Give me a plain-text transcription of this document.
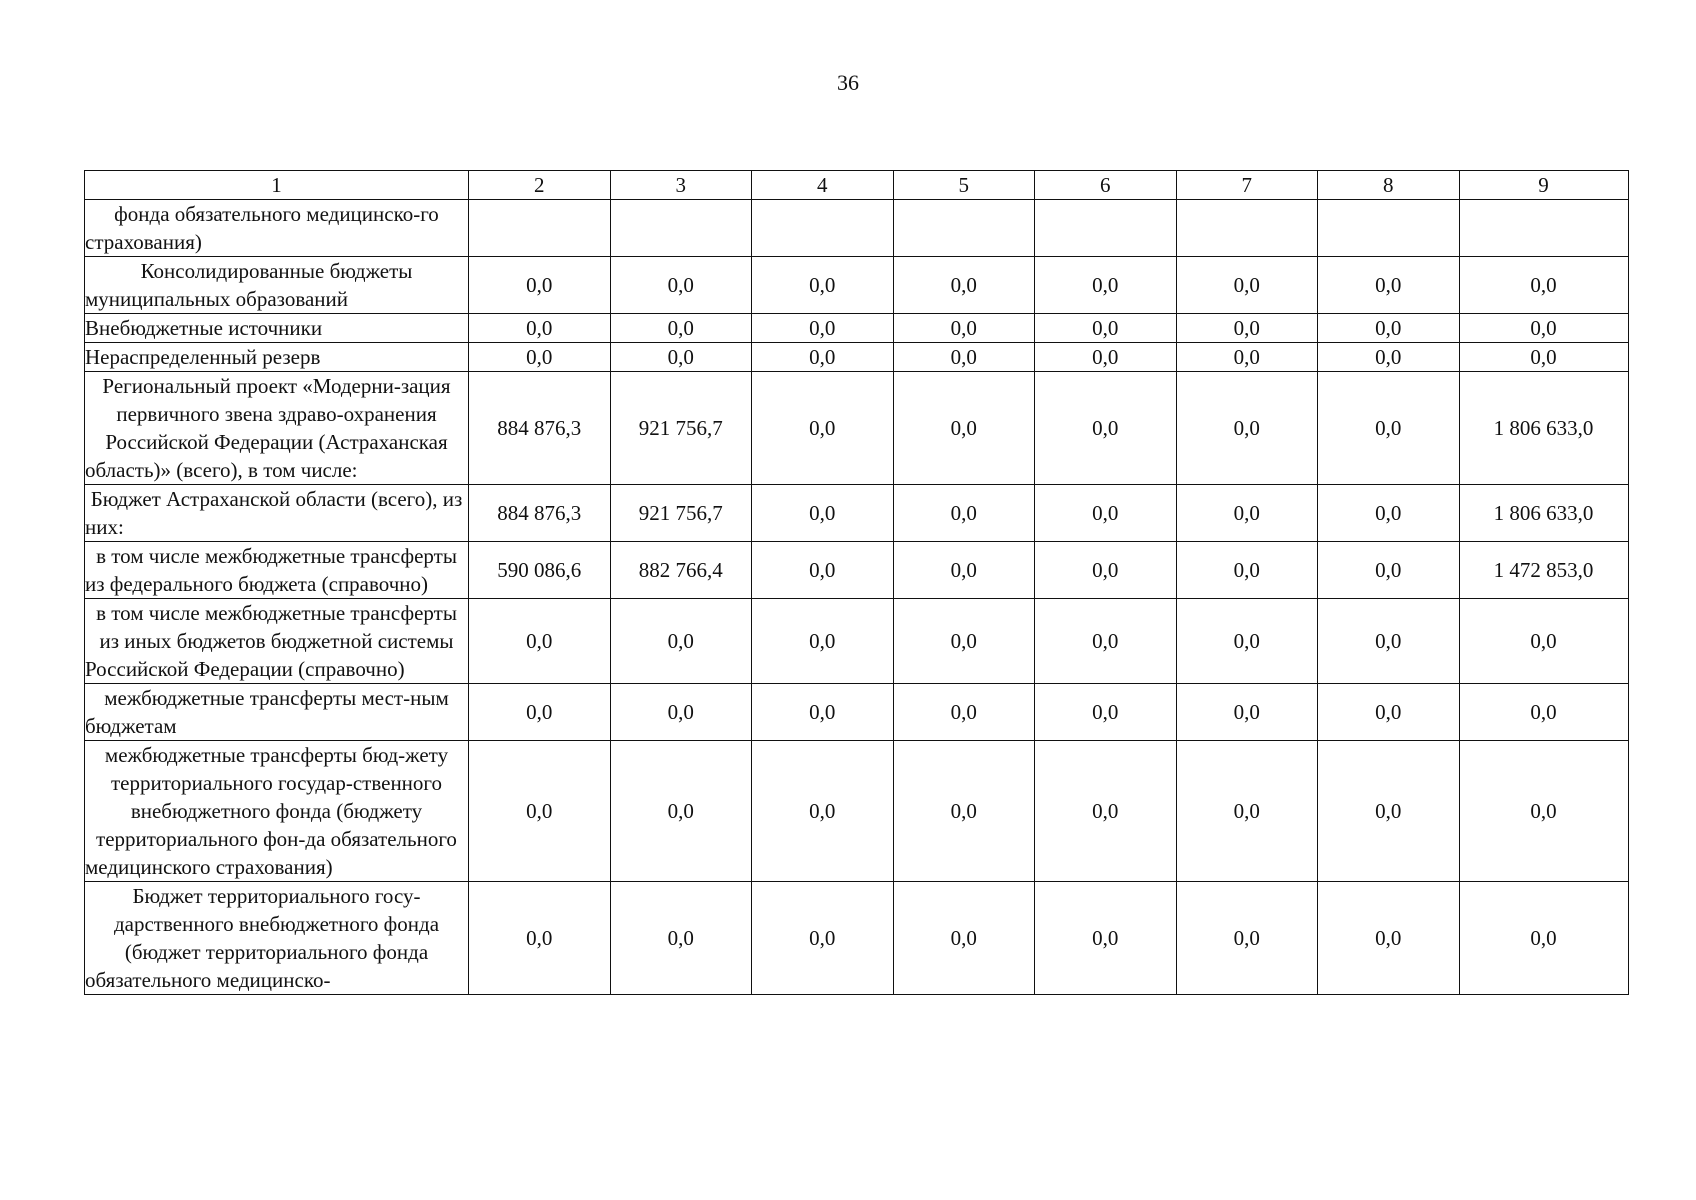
36
1	2	3	4	5	6	7	8	9
фонда обязательного медицинско-го страхования)								
Консолидированные бюджеты муниципальных образований	0,0	0,0	0,0	0,0	0,0	0,0	0,0	0,0
Внебюджетные источники	0,0	0,0	0,0	0,0	0,0	0,0	0,0	0,0
Нераспределенный резерв	0,0	0,0	0,0	0,0	0,0	0,0	0,0	0,0
Региональный проект «Модерни-зация первичного звена здраво-охранения Российской Федерации (Астраханская область)» (всего), в том числе:	884 876,3	921 756,7	0,0	0,0	0,0	0,0	0,0	1 806 633,0
Бюджет Астраханской области (всего), из них:	884 876,3	921 756,7	0,0	0,0	0,0	0,0	0,0	1 806 633,0
в том числе межбюджетные трансферты из федерального бюджета (справочно)	590 086,6	882 766,4	0,0	0,0	0,0	0,0	0,0	1 472 853,0
в том числе межбюджетные трансферты из иных бюджетов бюджетной системы Российской Федерации (справочно)	0,0	0,0	0,0	0,0	0,0	0,0	0,0	0,0
межбюджетные трансферты мест-ным бюджетам	0,0	0,0	0,0	0,0	0,0	0,0	0,0	0,0
межбюджетные трансферты бюд-жету территориального государ-ственного внебюджетного фонда (бюджету территориального фон-да обязательного медицинского страхования)	0,0	0,0	0,0	0,0	0,0	0,0	0,0	0,0
Бюджет территориального госу-дарственного внебюджетного фонда (бюджет территориального фонда обязательного медицинско-	0,0	0,0	0,0	0,0	0,0	0,0	0,0	0,0
